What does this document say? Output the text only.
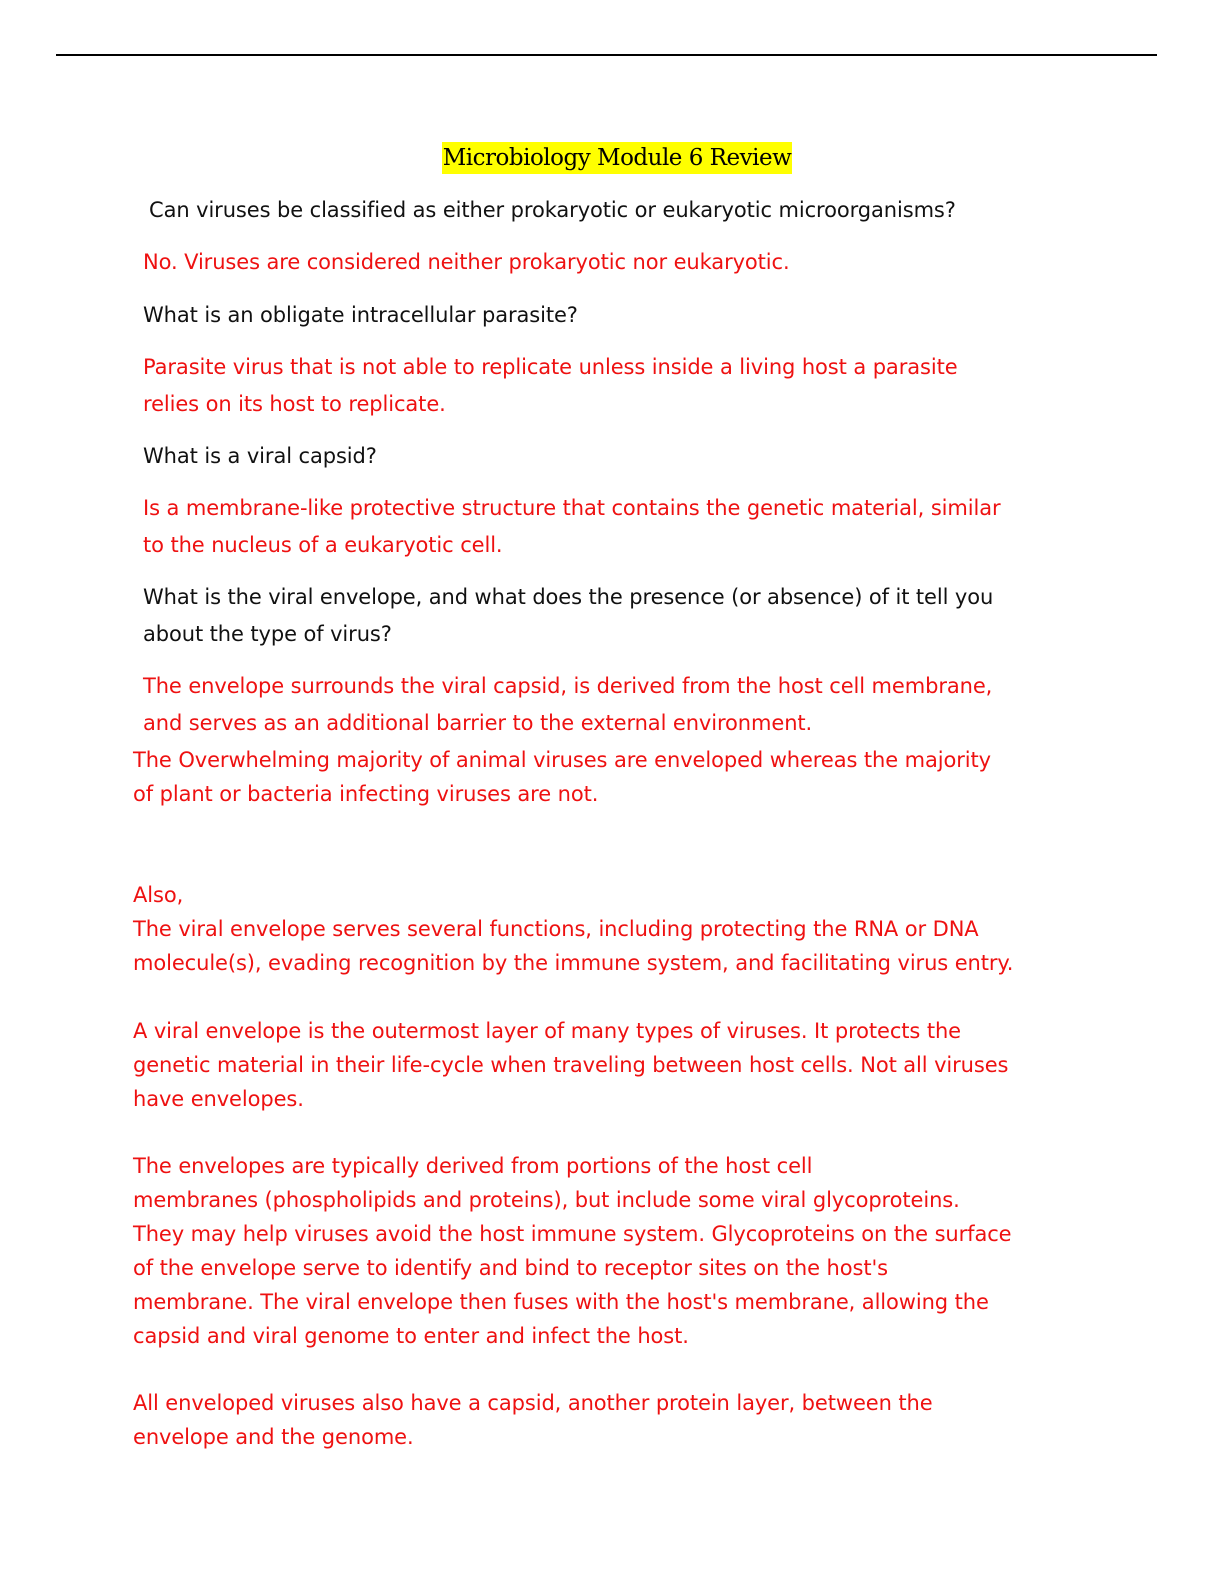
Microbiology Module 6 Review

Can viruses be classified as either prokaryotic or eukaryotic microorganisms?

No. Viruses are considered neither prokaryotic nor eukaryotic.

What is an obligate intracellular parasite?

Parasite virus that is not able to replicate unless inside a living host a parasite
relies on its host to replicate.

What is a viral capsid?

Is a membrane-like protective structure that contains the genetic material, similar
to the nucleus of a eukaryotic cell.

What is the viral envelope, and what does the presence (or absence) of it tell you
about the type of virus?

The envelope surrounds the viral capsid, is derived from the host cell membrane,
and serves as an additional barrier to the external environment.

The Overwhelming majority of animal viruses are enveloped whereas the majority
of plant or bacteria infecting viruses are not.

Also,
The viral envelope serves several functions, including protecting the RNA or DNA
molecule(s), evading recognition by the immune system, and facilitating virus entry.

A viral envelope is the outermost layer of many types of viruses. It protects the
genetic material in their life-cycle when traveling between host cells. Not all viruses
have envelopes.

The envelopes are typically derived from portions of the host cell
membranes (phospholipids and proteins), but include some viral glycoproteins.
They may help viruses avoid the host immune system. Glycoproteins on the surface
of the envelope serve to identify and bind to receptor sites on the host's
membrane. The viral envelope then fuses with the host's membrane, allowing the
capsid and viral genome to enter and infect the host.

All enveloped viruses also have a capsid, another protein layer, between the
envelope and the genome.
